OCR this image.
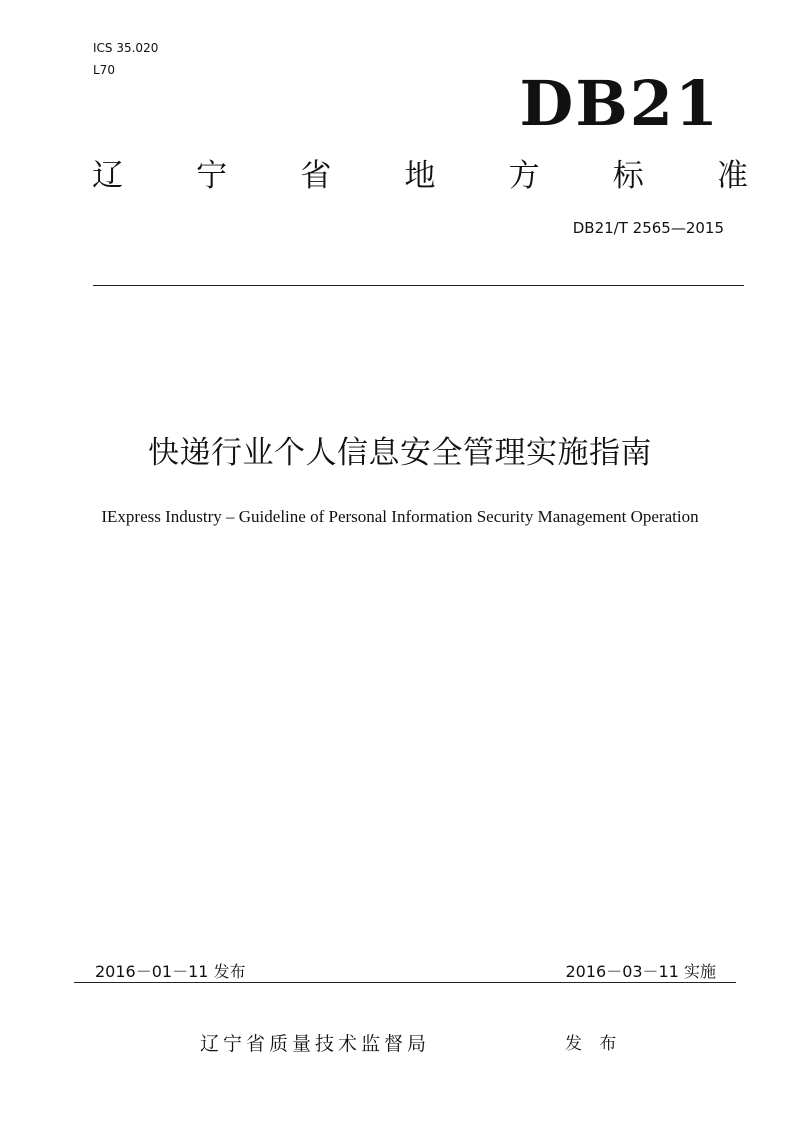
ICS 35.020
L70	DB21
辽 宁 省 地 方 标 准
DB21/T 2565—2015
快递行业个人信息安全管理实施指南
IExpress Industry – Guideline of Personal Information Security Management Operation
2016－01－11 发布	2016－03－11 实施
辽宁省质量技术监督局	发 布
